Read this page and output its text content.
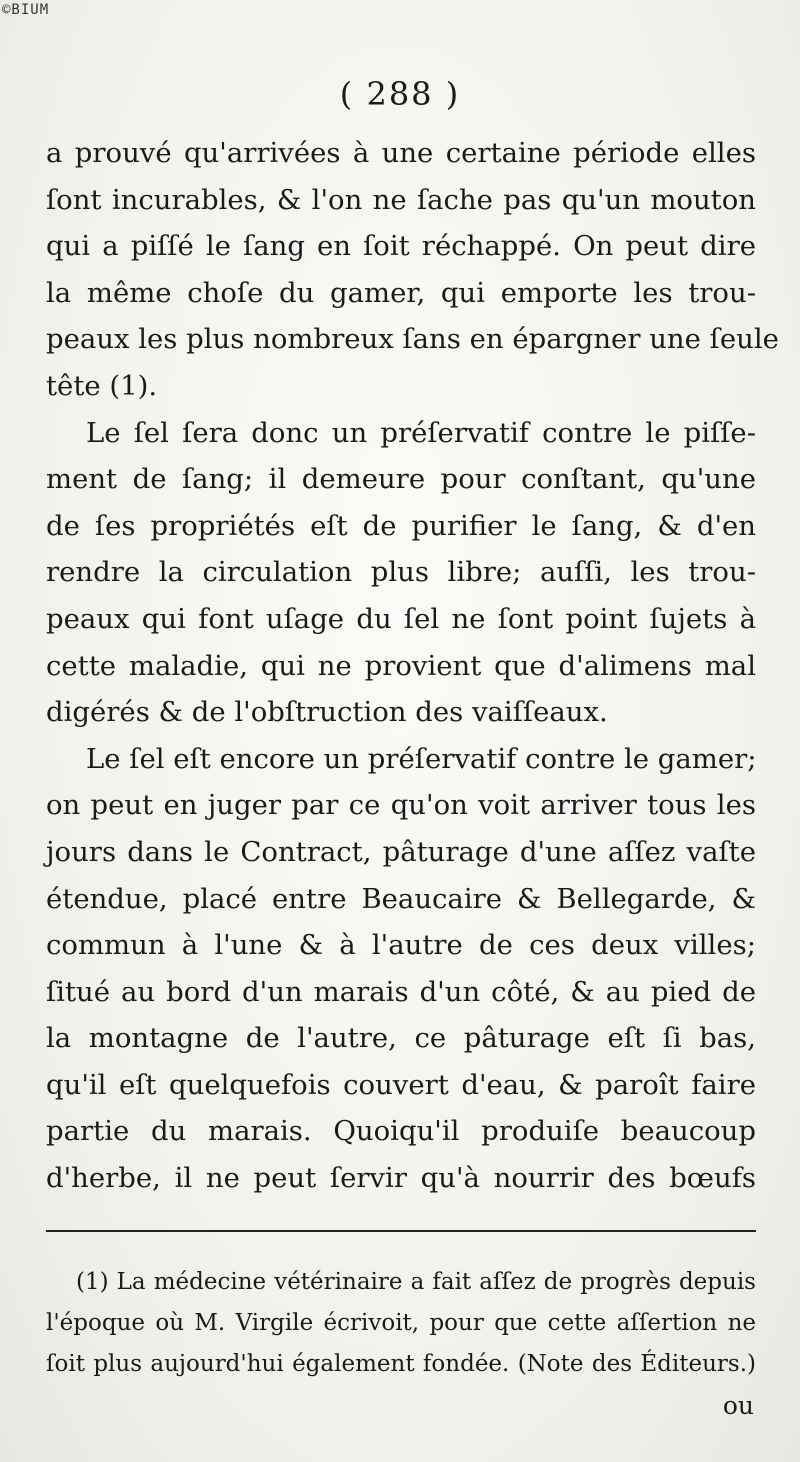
©BIUM
( 288 )
a prouvé qu'arrivées à une certaine période elles
ſont incurables, & l'on ne ſache pas qu'un mouton
qui a piſſé le ſang en ſoit réchappé. On peut dire
la même choſe du gamer, qui emporte les trou-
peaux les plus nombreux ſans en épargner une ſeule
tête (1).
Le ſel ſera donc un préſervatif contre le piſſe-
ment de ſang; il demeure pour conſtant, qu'une
de ſes propriétés eſt de purifier le ſang, & d'en
rendre la circulation plus libre; auſſi, les trou-
peaux qui font uſage du ſel ne ſont point ſujets à
cette maladie, qui ne provient que d'alimens mal
digérés & de l'obſtruction des vaiſſeaux.
Le ſel eſt encore un préſervatif contre le gamer;
on peut en juger par ce qu'on voit arriver tous les
jours dans le Contract, pâturage d'une aſſez vaſte
étendue, placé entre Beaucaire & Bellegarde, &
commun à l'une & à l'autre de ces deux villes;
ſitué au bord d'un marais d'un côté, & au pied de
la montagne de l'autre, ce pâturage eſt ſi bas,
qu'il eſt quelquefois couvert d'eau, & paroît faire
partie du marais. Quoiqu'il produiſe beaucoup
d'herbe, il ne peut ſervir qu'à nourrir des bœufs
(1) La médecine vétérinaire a fait aſſez de progrès depuis
l'époque où M. Virgile écrivoit, pour que cette aſſertion ne
ſoit plus aujourd'hui également fondée. (Note des Éditeurs.)
ou
